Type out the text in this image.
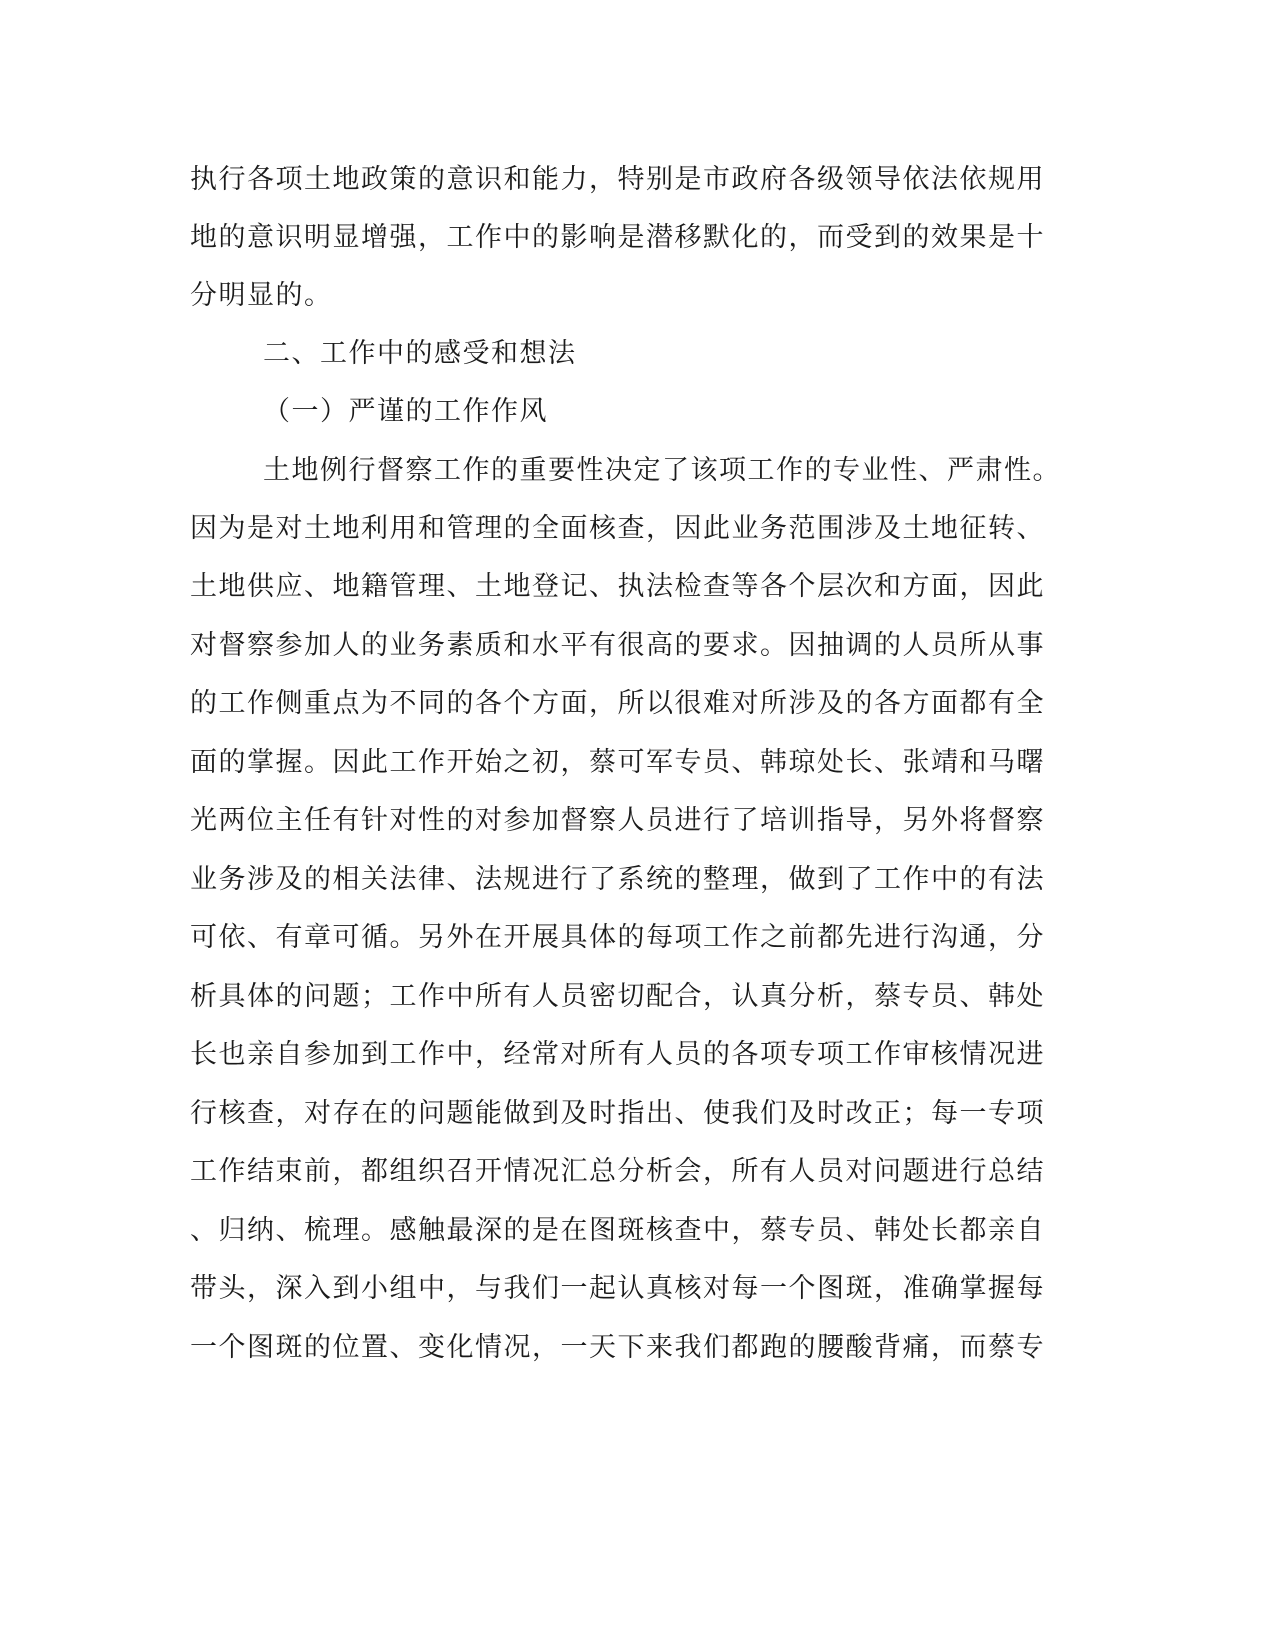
执行各项土地政策的意识和能力，特别是市政府各级领导依法依规用
地的意识明显增强，工作中的影响是潜移默化的，而受到的效果是十
分明显的。
二、工作中的感受和想法
（一）严谨的工作作风
土地例行督察工作的重要性决定了该项工作的专业性、严肃性。
因为是对土地利用和管理的全面核查，因此业务范围涉及土地征转、
土地供应、地籍管理、土地登记、执法检查等各个层次和方面，因此
对督察参加人的业务素质和水平有很高的要求。因抽调的人员所从事
的工作侧重点为不同的各个方面，所以很难对所涉及的各方面都有全
面的掌握。因此工作开始之初，蔡可军专员、韩琼处长、张靖和马曙
光两位主任有针对性的对参加督察人员进行了培训指导，另外将督察
业务涉及的相关法律、法规进行了系统的整理，做到了工作中的有法
可依、有章可循。另外在开展具体的每项工作之前都先进行沟通，分
析具体的问题；工作中所有人员密切配合，认真分析，蔡专员、韩处
长也亲自参加到工作中，经常对所有人员的各项专项工作审核情况进
行核查，对存在的问题能做到及时指出、使我们及时改正；每一专项
工作结束前，都组织召开情况汇总分析会，所有人员对问题进行总结
、归纳、梳理。感触最深的是在图斑核查中，蔡专员、韩处长都亲自
带头，深入到小组中，与我们一起认真核对每一个图斑，准确掌握每
一个图斑的位置、变化情况，一天下来我们都跑的腰酸背痛，而蔡专
